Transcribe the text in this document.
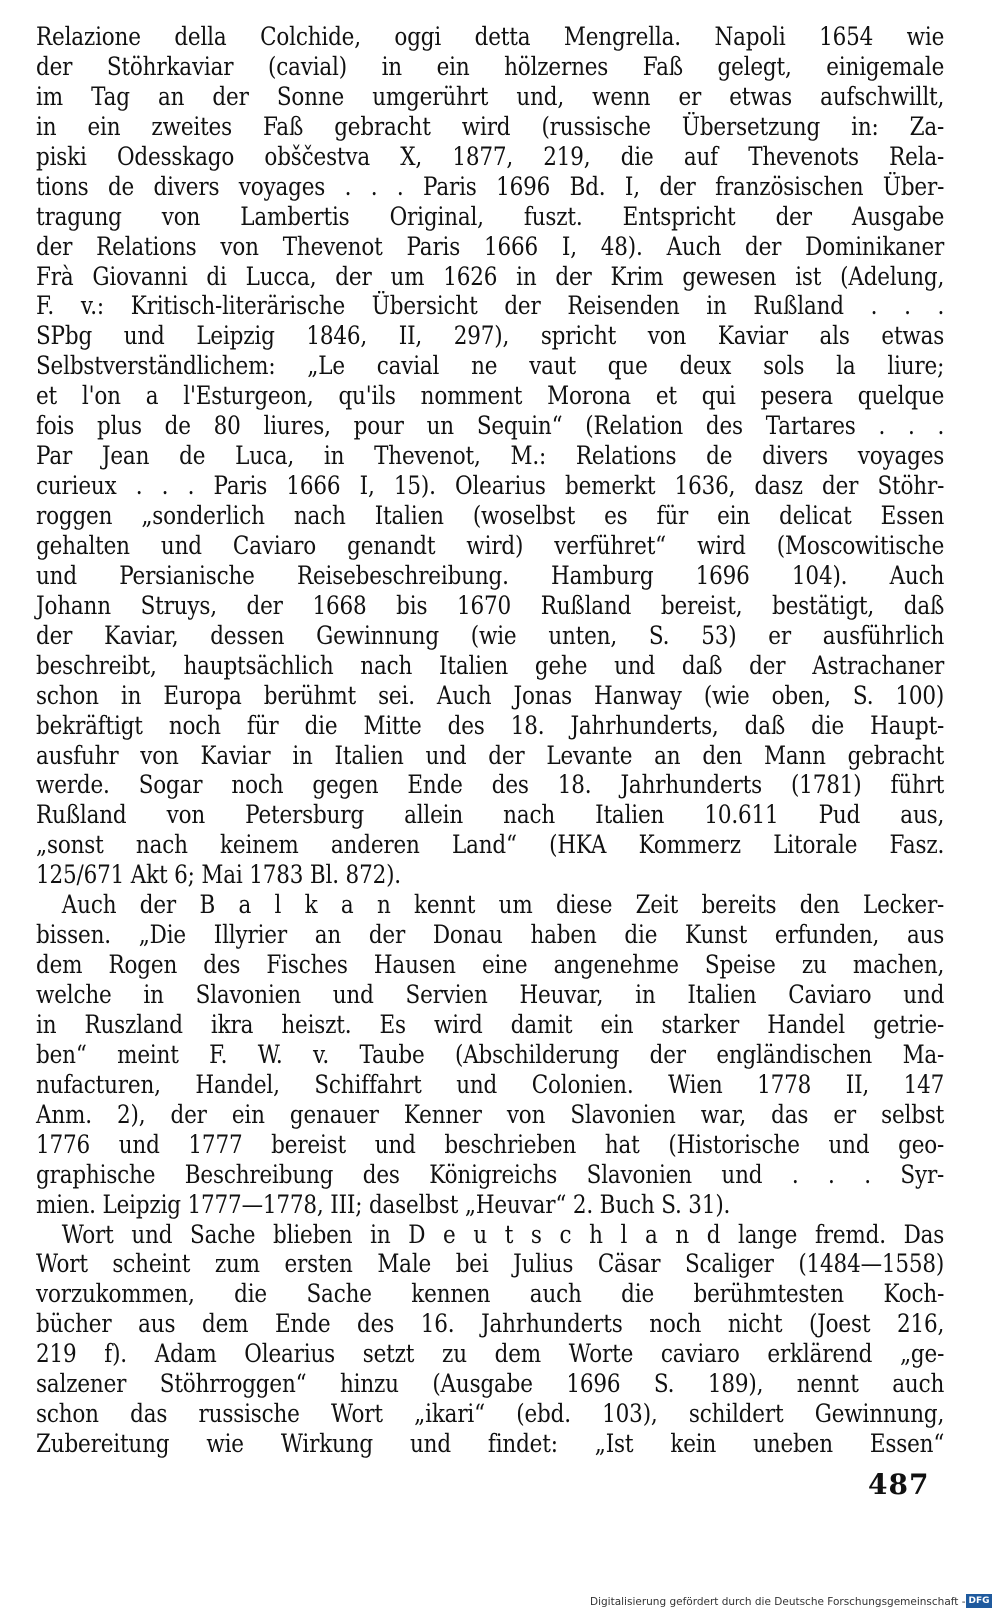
Relazione della Colchide, oggi detta Mengrella. Napoli 1654 wie
der Stöhrkaviar (cavial) in ein hölzernes Faß gelegt, einigemale
im Tag an der Sonne umgerührt und, wenn er etwas aufschwillt,
in ein zweites Faß gebracht wird (russische Übersetzung in: Za-
piski Odesskago obščestva X, 1877, 219, die auf Thevenots Rela-
tions de divers voyages . . . Paris 1696 Bd. I, der französischen Über-
tragung von Lambertis Original, fuszt. Entspricht der Ausgabe
der Relations von Thevenot Paris 1666 I, 48). Auch der Dominikaner
Frà Giovanni di Lucca, der um 1626 in der Krim gewesen ist (Adelung,
F. v.: Kritisch-literärische Übersicht der Reisenden in Rußland . . .
SPbg und Leipzig 1846, II, 297), spricht von Kaviar als etwas
Selbstverständlichem: „Le cavial ne vaut que deux sols la liure;
et l'on a l'Esturgeon, qu'ils nomment Morona et qui pesera quelque
fois plus de 80 liures, pour un Sequin“ (Relation des Tartares . . .
Par Jean de Luca, in Thevenot, M.: Relations de divers voyages
curieux . . . Paris 1666 I, 15). Olearius bemerkt 1636, dasz der Stöhr-
roggen „sonderlich nach Italien (woselbst es für ein delicat Essen
gehalten und Caviaro genandt wird) verführet“ wird (Moscowitische
und Persianische Reisebeschreibung. Hamburg 1696 104). Auch
Johann Struys, der 1668 bis 1670 Rußland bereist, bestätigt, daß
der Kaviar, dessen Gewinnung (wie unten, S. 53) er ausführlich
beschreibt, hauptsächlich nach Italien gehe und daß der Astrachaner
schon in Europa berühmt sei. Auch Jonas Hanway (wie oben, S. 100)
bekräftigt noch für die Mitte des 18. Jahrhunderts, daß die Haupt-
ausfuhr von Kaviar in Italien und der Levante an den Mann gebracht
werde. Sogar noch gegen Ende des 18. Jahrhunderts (1781) führt
Rußland von Petersburg allein nach Italien 10.611 Pud aus,
„sonst nach keinem anderen Land“ (HKA Kommerz Litorale Fasz.
125/671 Akt 6; Mai 1783 Bl. 872).
Auch der B a l k a n kennt um diese Zeit bereits den Lecker-
bissen. „Die Illyrier an der Donau haben die Kunst erfunden, aus
dem Rogen des Fisches Hausen eine angenehme Speise zu machen,
welche in Slavonien und Servien Heuvar, in Italien Caviaro und
in Ruszland ikra heiszt. Es wird damit ein starker Handel getrie-
ben“ meint F. W. v. Taube (Abschilderung der engländischen Ma-
nufacturen, Handel, Schiffahrt und Colonien. Wien 1778 II, 147
Anm. 2), der ein genauer Kenner von Slavonien war, das er selbst
1776 und 1777 bereist und beschrieben hat (Historische und geo-
graphische Beschreibung des Königreichs Slavonien und . . . Syr-
mien. Leipzig 1777—1778, III; daselbst „Heuvar“ 2. Buch S. 31).
Wort und Sache blieben in D e u t s c h l a n d lange fremd. Das
Wort scheint zum ersten Male bei Julius Cäsar Scaliger (1484—1558)
vorzukommen, die Sache kennen auch die berühmtesten Koch-
bücher aus dem Ende des 16. Jahrhunderts noch nicht (Joest 216,
219 f). Adam Olearius setzt zu dem Worte caviaro erklärend „ge-
salzener Stöhrroggen“ hinzu (Ausgabe 1696 S. 189), nennt auch
schon das russische Wort „ikari“ (ebd. 103), schildert Gewinnung,
Zubereitung wie Wirkung und findet: „Ist kein uneben Essen“
487
Digitalisierung gefördert durch die Deutsche Forschungsgemeinschaft - DFG
